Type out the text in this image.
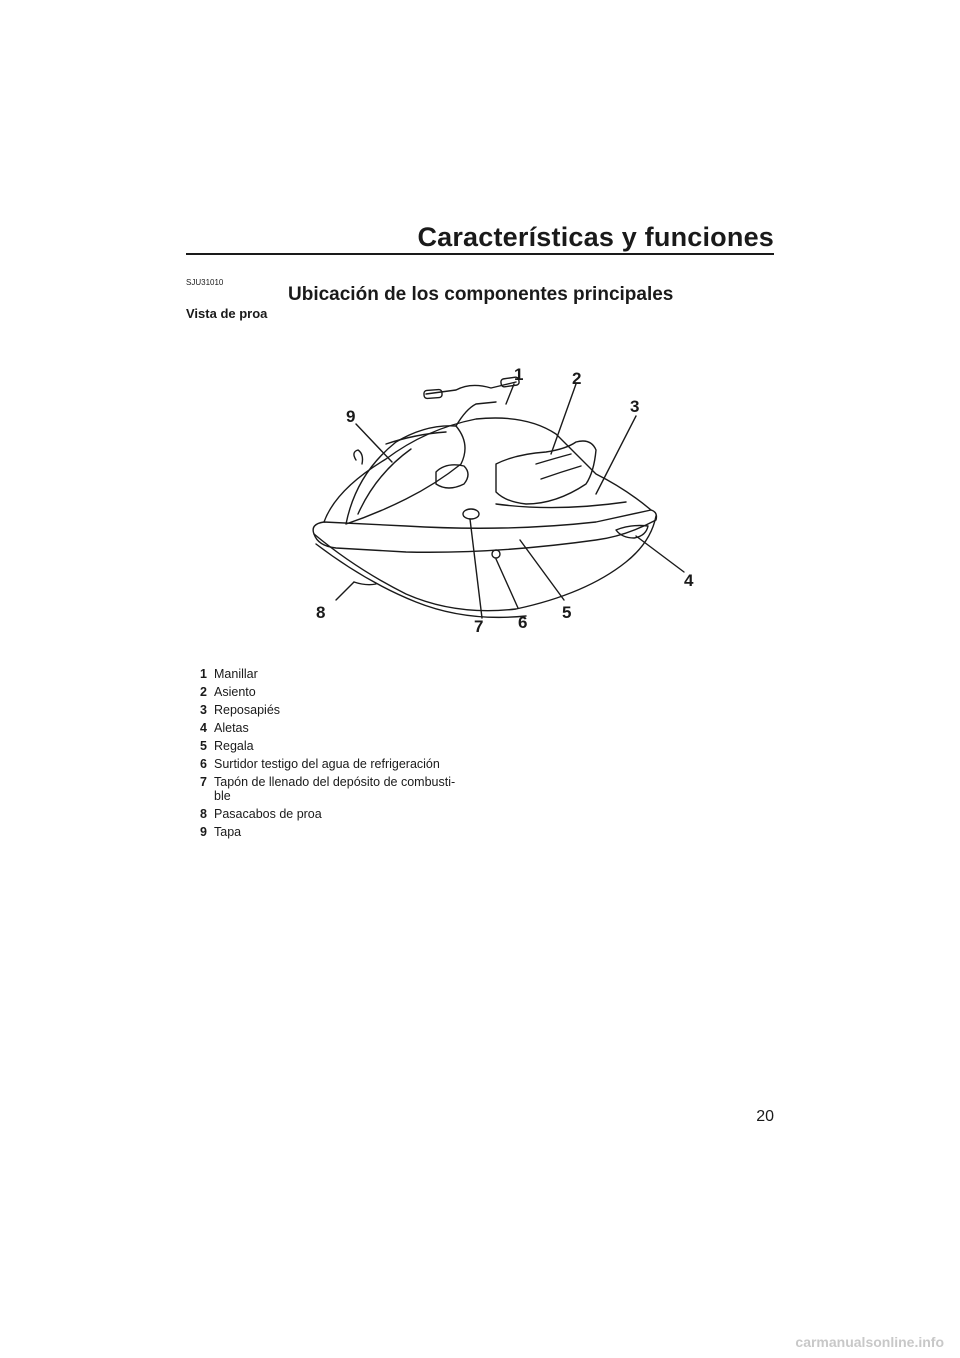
Características y funciones
SJU31010
Ubicación de los componentes principales
Vista de proa
1	2
3
4
5
6
7
8
9
1 Manillar
2 Asiento
3 Reposapiés
4 Aletas
5 Regala
6 Surtidor testigo del agua de refrigeración
7 Tapón de llenado del depósito de combusti-
ble
8 Pasacabos de proa
9 Tapa
20
carmanualsonline.info
